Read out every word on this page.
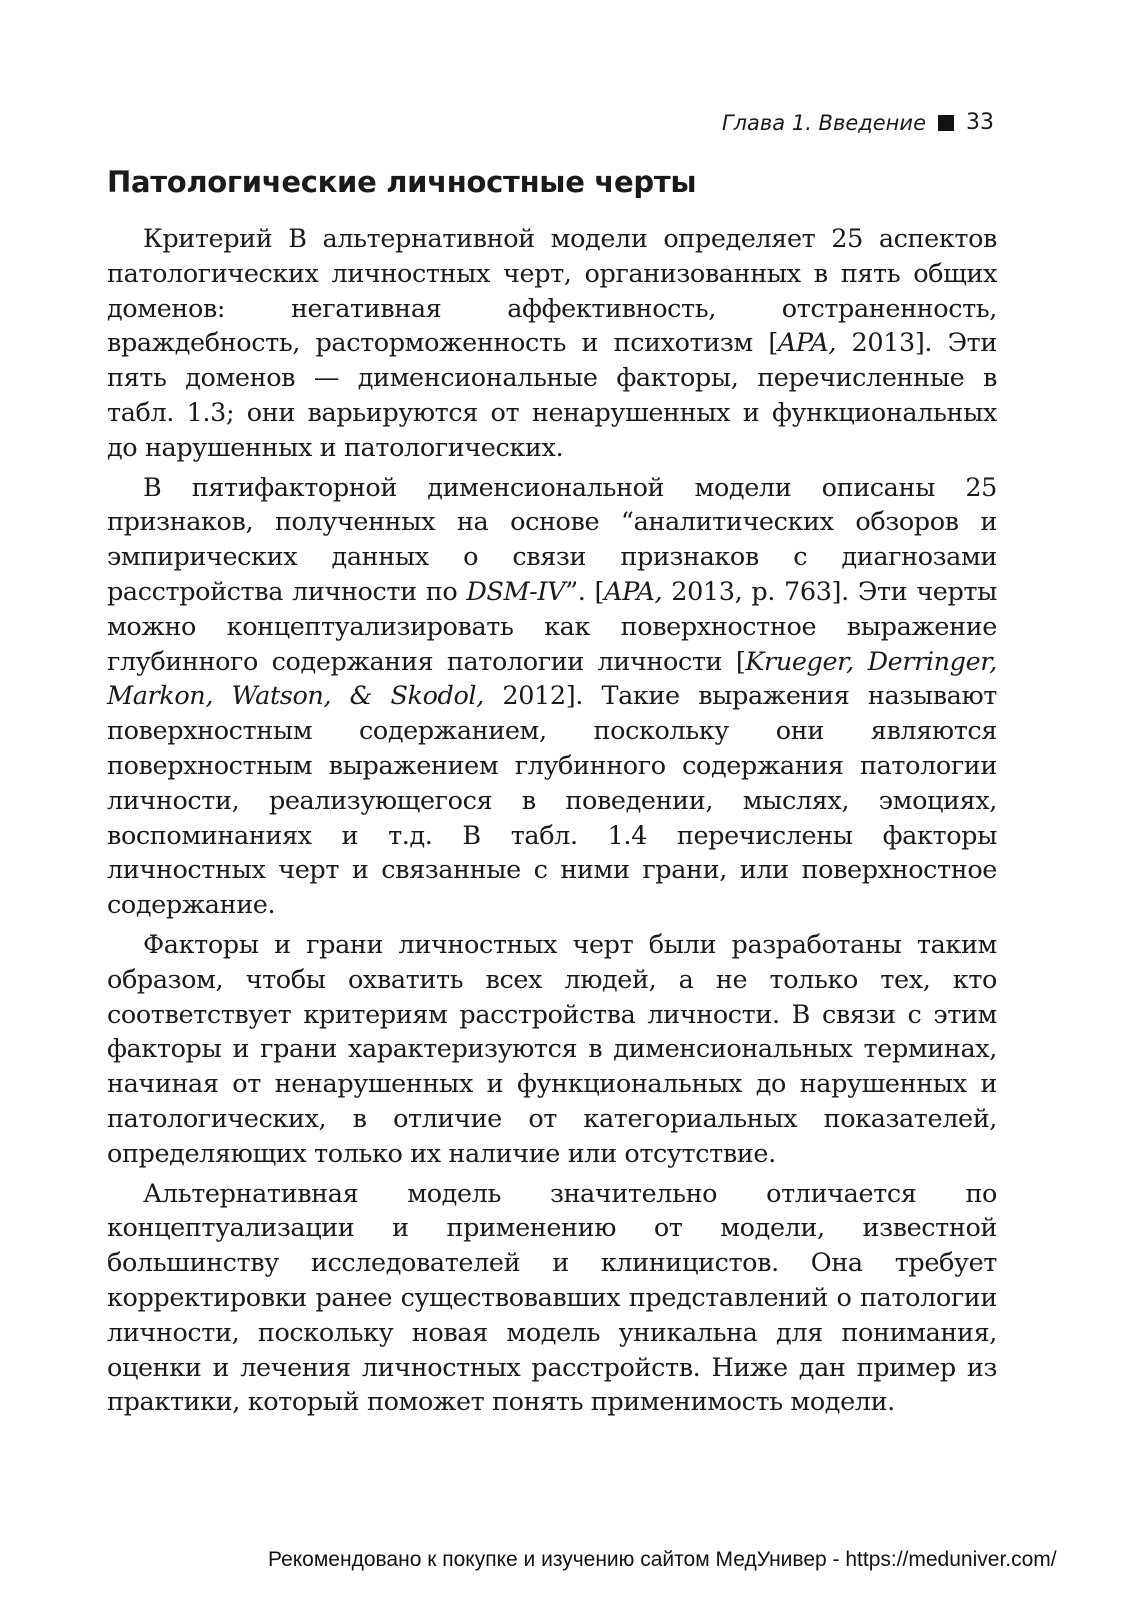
Глава 1. Введение 33
Патологические личностные черты

Критерий B альтернативной модели определяет 25 аспектов патологических личностных черт, организованных в пять общих доменов: негативная аффективность, отстраненность, враждебность, расторможенность и психотизм [APA, 2013]. Эти пять доменов — дименсиональные факторы, перечисленные в табл. 1.3; они варьируются от ненарушенных и функциональных до нарушенных и патологических.

В пятифакторной дименсиональной модели описаны 25 признаков, полученных на основе “аналитических обзоров и эмпирических данных о связи признаков с диагнозами расстройства личности по DSM-IV”. [APA, 2013, p. 763]. Эти черты можно концептуализировать как поверхностное выражение глубинного содержания патологии личности [Krueger, Derringer, Markon, Watson, & Skodol, 2012]. Такие выражения называют поверхностным содержанием, поскольку они являются поверхностным выражением глубинного содержания патологии личности, реализующегося в поведении, мыслях, эмоциях, воспоминаниях и т.д. В табл. 1.4 перечислены факторы личностных черт и связанные с ними грани, или поверхностное содержание.

Факторы и грани личностных черт были разработаны таким образом, чтобы охватить всех людей, а не только тех, кто соответствует критериям расстройства личности. В связи с этим факторы и грани характеризуются в дименсиональных терминах, начиная от ненарушенных и функциональных до нарушенных и патологических, в отличие от категориальных показателей, определяющих только их наличие или отсутствие.

Альтернативная модель значительно отличается по концептуализации и применению от модели, известной большинству исследователей и клиницистов. Она требует корректировки ранее существовавших представлений о патологии личности, поскольку новая модель уникальна для понимания, оценки и лечения личностных расстройств. Ниже дан пример из практики, который поможет понять применимость модели.

Рекомендовано к покупке и изучению сайтом МедУнивер - https://meduniver.com/
